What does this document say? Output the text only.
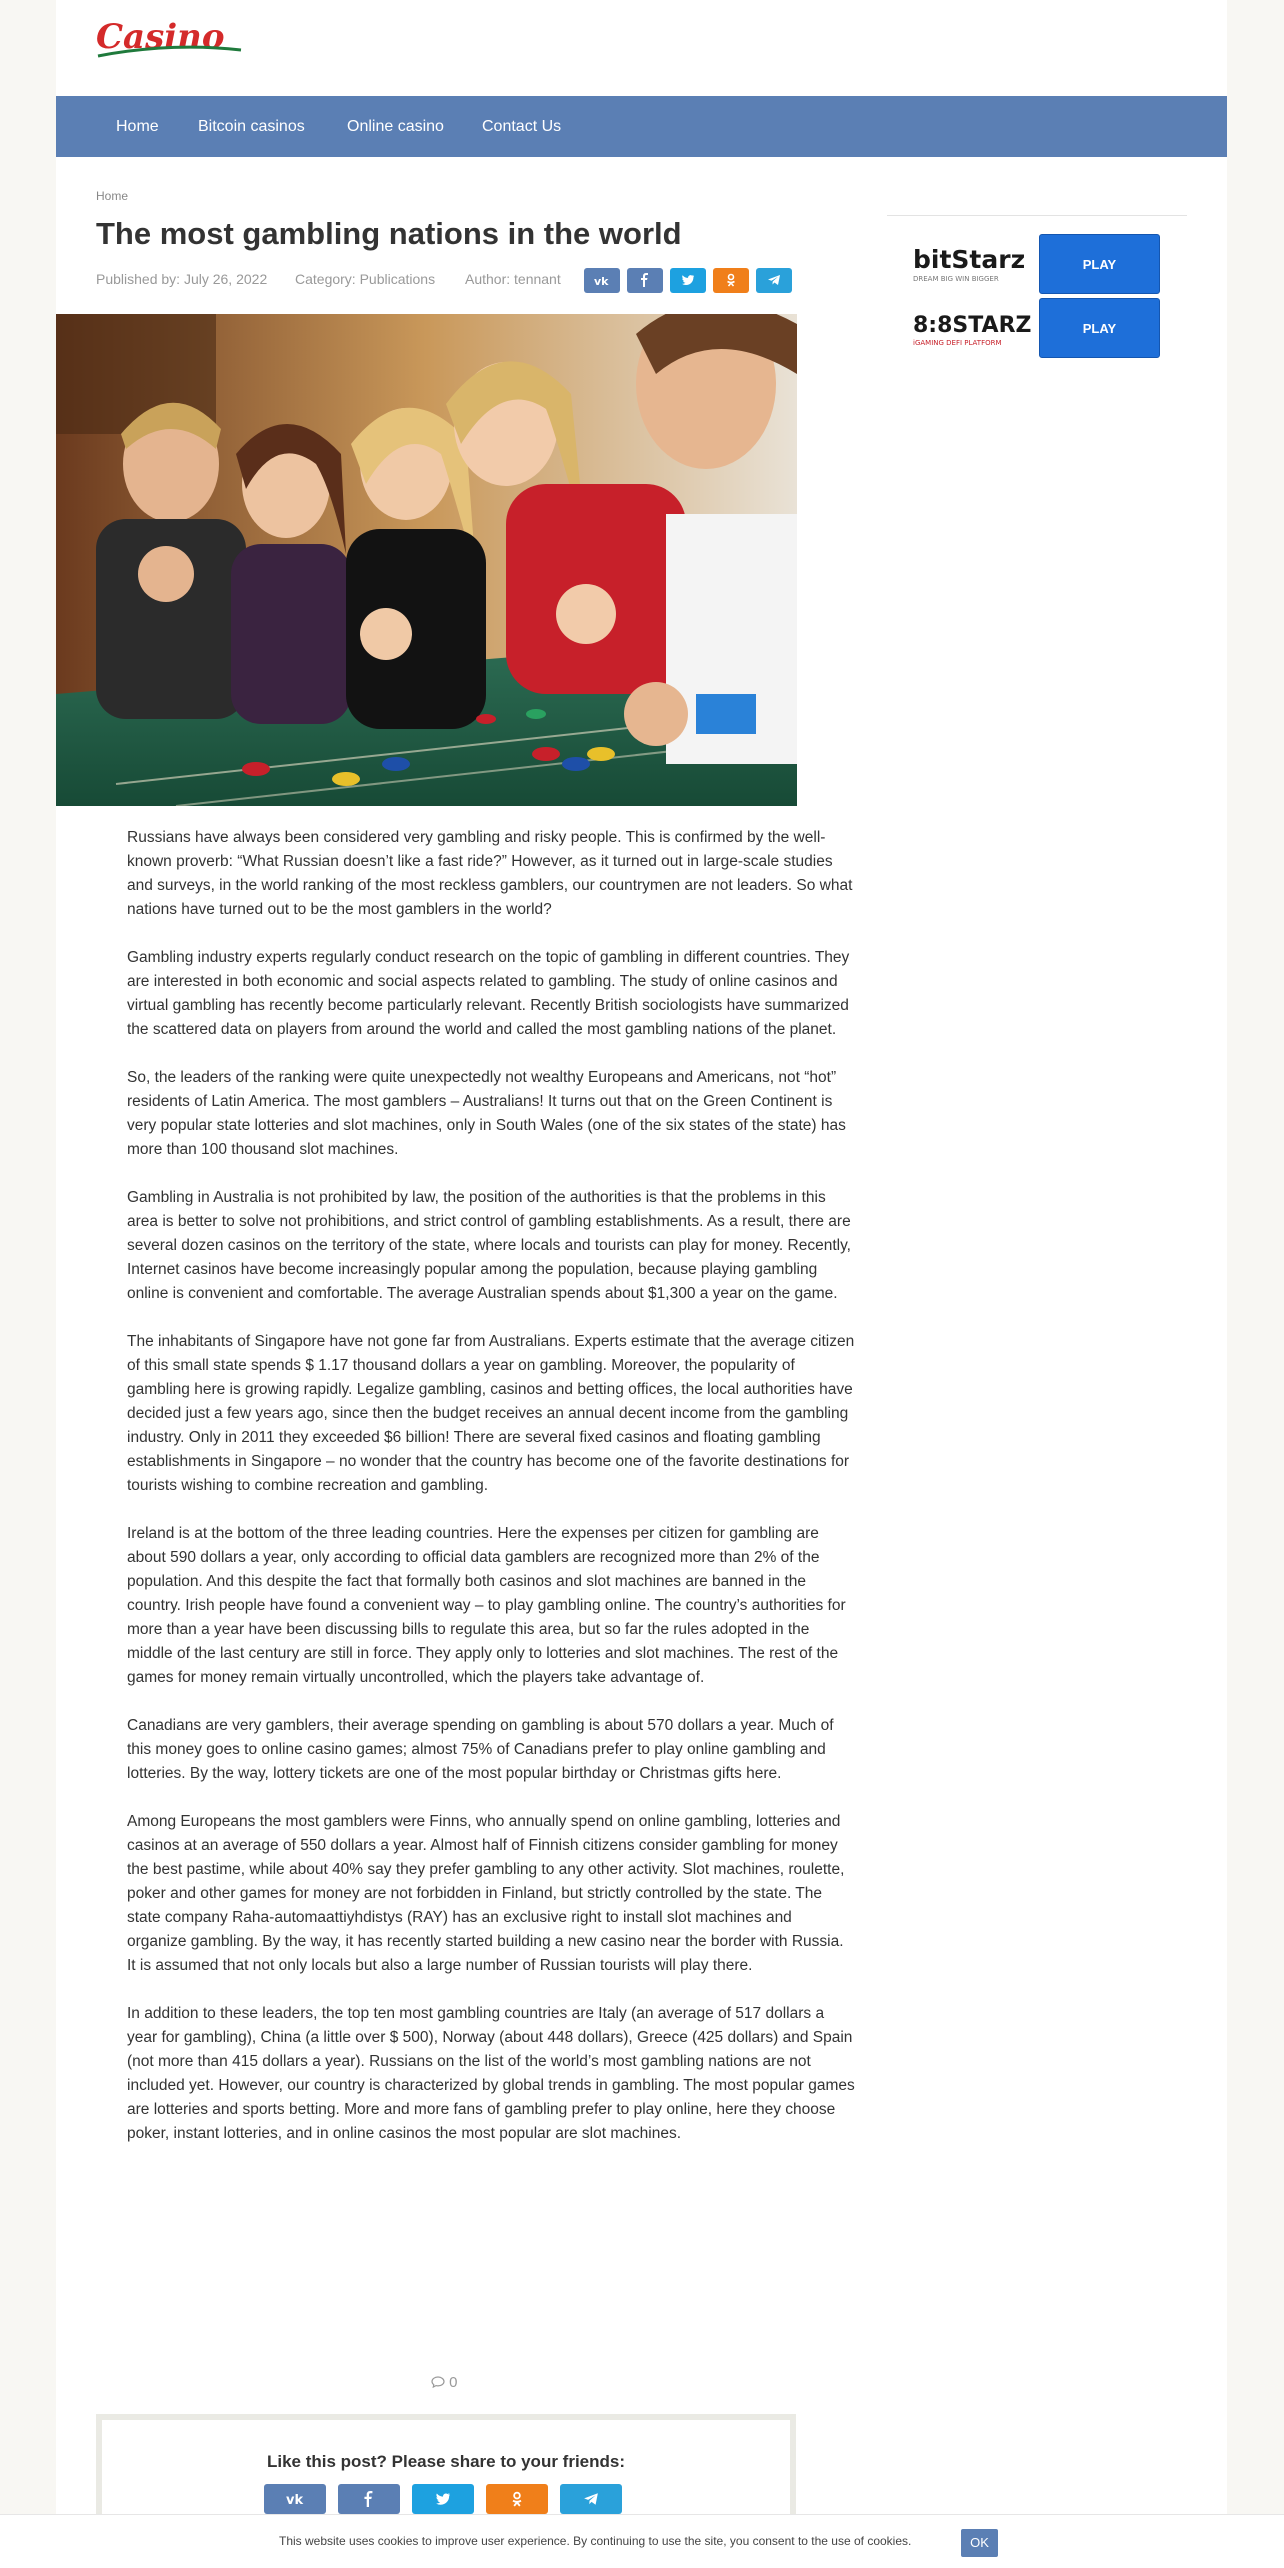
Casino
Home Bitcoin casinos	Online casino Contact Us
Home
The most gambling nations in the world
Published by: July 26, 2022 Category: Publications Author: tennant	vk

Russians have always been considered very gambling and risky people. This is confirmed by the well-known proverb: “What Russian doesn’t like a fast ride?” However, as it turned out in large-scale studies and surveys, in the world ranking of the most reckless gamblers, our countrymen are not leaders. So what nations have turned out to be the most gamblers in the world?

Gambling industry experts regularly conduct research on the topic of gambling in different countries. They are interested in both economic and social aspects related to gambling. The study of online casinos and virtual gambling has recently become particularly relevant. Recently British sociologists have summarized the scattered data on players from around the world and called the most gambling nations of the planet.

So, the leaders of the ranking were quite unexpectedly not wealthy Europeans and Americans, not “hot” residents of Latin America. The most gamblers – Australians! It turns out that on the Green Continent is very popular state lotteries and slot machines, only in South Wales (one of the six states of the state) has more than 100 thousand slot machines.

Gambling in Australia is not prohibited by law, the position of the authorities is that the problems in this area is better to solve not prohibitions, and strict control of gambling establishments. As a result, there are several dozen casinos on the territory of the state, where locals and tourists can play for money. Recently, Internet casinos have become increasingly popular among the population, because playing gambling online is convenient and comfortable. The average Australian spends about $1,300 a year on the game.

The inhabitants of Singapore have not gone far from Australians. Experts estimate that the average citizen of this small state spends $ 1.17 thousand dollars a year on gambling. Moreover, the popularity of gambling here is growing rapidly. Legalize gambling, casinos and betting offices, the local authorities have decided just a few years ago, since then the budget receives an annual decent income from the gambling industry. Only in 2011 they exceeded $6 billion! There are several fixed casinos and floating gambling establishments in Singapore – no wonder that the country has become one of the favorite destinations for tourists wishing to combine recreation and gambling.

Ireland is at the bottom of the three leading countries. Here the expenses per citizen for gambling are about 590 dollars a year, only according to official data gamblers are recognized more than 2% of the population. And this despite the fact that formally both casinos and slot machines are banned in the country. Irish people have found a convenient way – to play gambling online. The country’s authorities for more than a year have been discussing bills to regulate this area, but so far the rules adopted in the middle of the last century are still in force. They apply only to lotteries and slot machines. The rest of the games for money remain virtually uncontrolled, which the players take advantage of.

Canadians are very gamblers, their average spending on gambling is about 570 dollars a year. Much of this money goes to online casino games; almost 75% of Canadians prefer to play online gambling and lotteries. By the way, lottery tickets are one of the most popular birthday or Christmas gifts here.

Among Europeans the most gamblers were Finns, who annually spend on online gambling, lotteries and casinos at an average of 550 dollars a year. Almost half of Finnish citizens consider gambling for money the best pastime, while about 40% say they prefer gambling to any other activity. Slot machines, roulette, poker and other games for money are not forbidden in Finland, but strictly controlled by the state. The state company Raha-automaattiyhdistys (RAY) has an exclusive right to install slot machines and organize gambling. By the way, it has recently started building a new casino near the border with Russia. It is assumed that not only locals but also a large number of Russian tourists will play there.

In addition to these leaders, the top ten most gambling countries are Italy (an average of 517 dollars a year for gambling), China (a little over $ 500), Norway (about 448 dollars), Greece (425 dollars) and Spain (not more than 415 dollars a year). Russians on the list of the world’s most gambling nations are not included yet. However, our country is characterized by global trends in gambling. The most popular games are lotteries and sports betting. More and more fans of gambling prefer to play online, here they choose poker, instant lotteries, and in online casinos the most popular are slot machines.

0
Like this post? Please share to your friends:
vk
bitStarz
DREAM BIG WIN BIGGER
PLAY
8:8STARZ
iGAMING DEFI PLATFORM
PLAY
This website uses cookies to improve user experience. By continuing to use the site, you consent to the use of cookies.	OK
